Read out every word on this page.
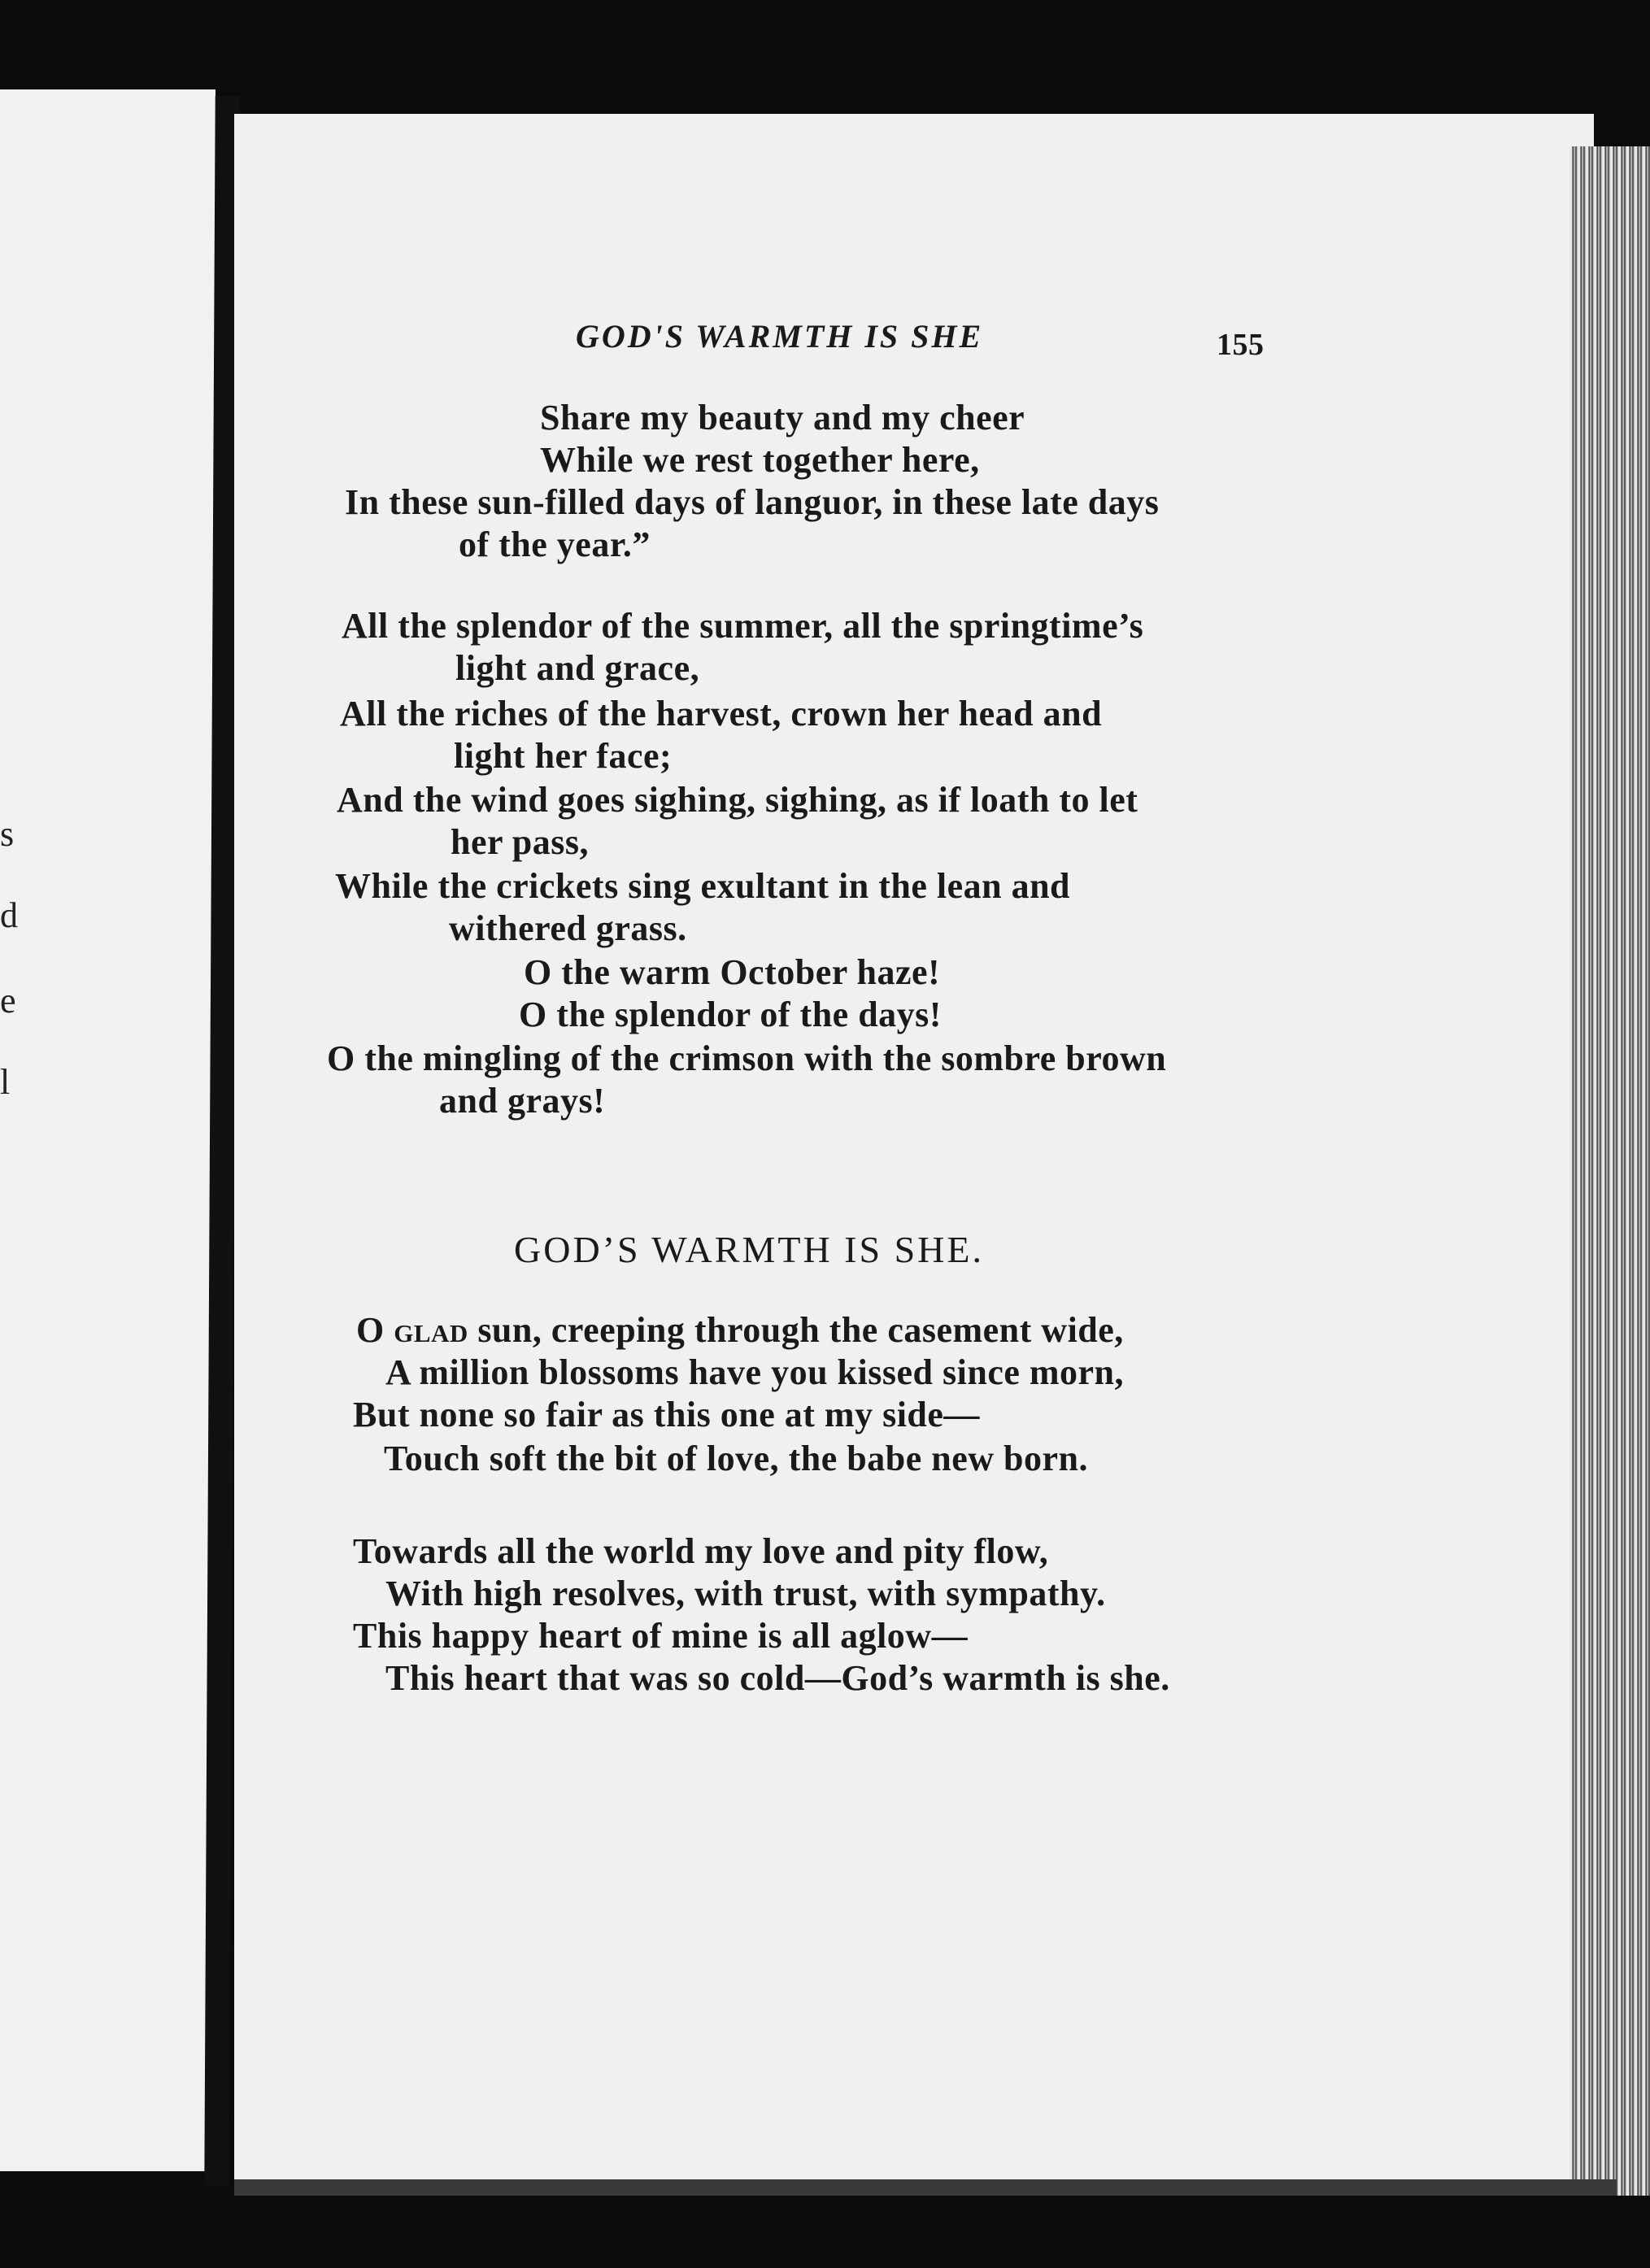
s
d
e
l
GOD'S WARMTH IS SHE	155
Share my beauty and my cheer
While we rest together here,
In these sun-filled days of languor, in these late days
of the year.”
All the splendor of the summer, all the springtime’s
light and grace,
All the riches of the harvest, crown her head and
light her face;
And the wind goes sighing, sighing, as if loath to let
her pass,
While the crickets sing exultant in the lean and
withered grass.
O the warm October haze!
O the splendor of the days!
O the mingling of the crimson with the sombre brown
and grays!
GOD’S WARMTH IS SHE.
O glad sun, creeping through the casement wide,
A million blossoms have you kissed since morn,
But none so fair as this one at my side—
Touch soft the bit of love, the babe new born.
Towards all the world my love and pity flow,
With high resolves, with trust, with sympathy.
This happy heart of mine is all aglow—
This heart that was so cold—God’s warmth is she.
